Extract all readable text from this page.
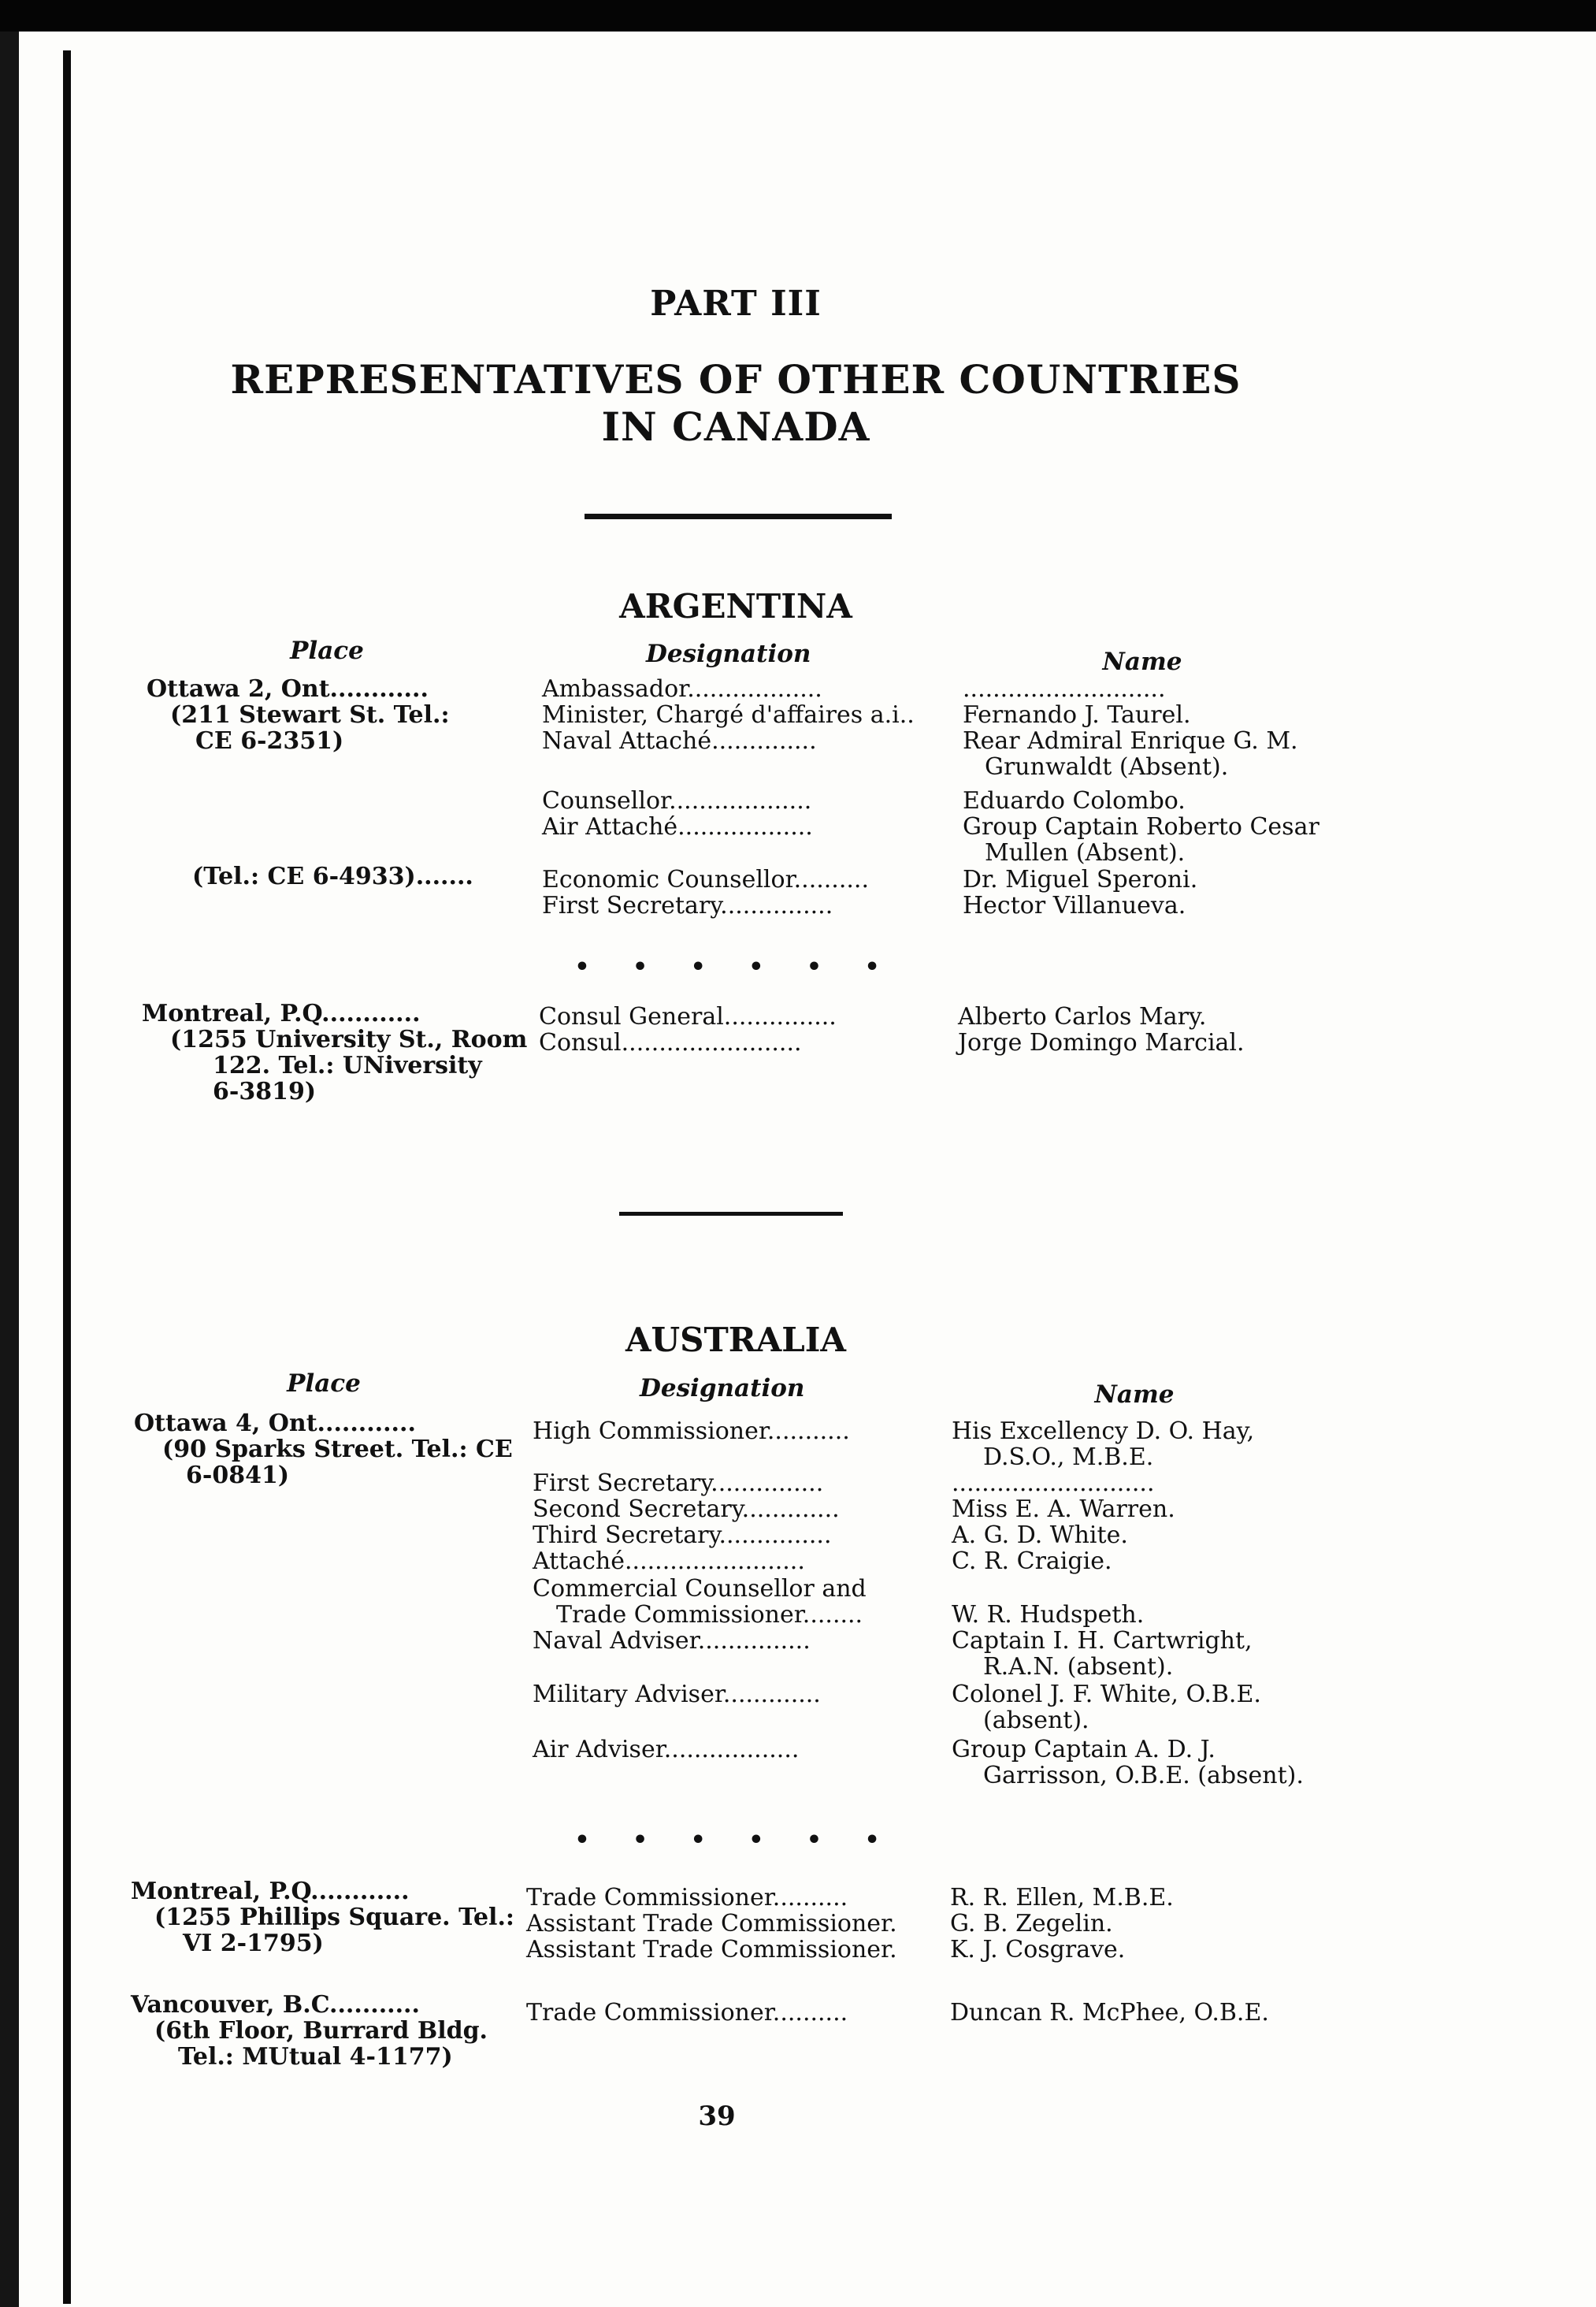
PART III
REPRESENTATIVES OF OTHER COUNTRIES
IN CANADA
ARGENTINA
Place	Designation	Name
Ottawa 2, Ont............
(211 Stewart St. Tel.:
CE 6-2351)
(Tel.: CE 6-4933).......
Ambassador..................	...........................
Minister, Chargé d'affaires a.i.. Fernando J. Taurel.
Naval Attaché..............	Rear Admiral Enrique G. M.
Grunwaldt (Absent).
Counsellor...................	Eduardo Colombo.
Air Attaché..................	Group Captain Roberto Cesar
Mullen (Absent).
Economic Counsellor..........	Dr. Miguel Speroni.
First Secretary...............	Hector Villanueva.
• • • • • •
Montreal, P.Q............
(1255 University St., Room
122. Tel.: UNiversity
6-3819)
Consul General...............	Alberto Carlos Mary.
Consul........................	Jorge Domingo Marcial.
AUSTRALIA
Place	Designation	Name
Ottawa 4, Ont............
(90 Sparks Street. Tel.: CE
6-0841)
High Commissioner...........	His Excellency D. O. Hay,
D.S.O., M.B.E.
First Secretary...............	...........................
Second Secretary.............	Miss E. A. Warren.
Third Secretary...............	A. G. D. White.
Attaché........................	C. R. Craigie.
Commercial Counsellor and
Trade Commissioner........	W. R. Hudspeth.
Naval Adviser...............	Captain I. H. Cartwright,
R.A.N. (absent).
Military Adviser.............	Colonel J. F. White, O.B.E.
(absent).
Air Adviser..................	Group Captain A. D. J.
Garrisson, O.B.E. (absent).
• • • • • •
Montreal, P.Q............
(1255 Phillips Square. Tel.:
VI 2-1795)
Trade Commissioner..........	R. R. Ellen, M.B.E.
Assistant Trade Commissioner. G. B. Zegelin.
Assistant Trade Commissioner. K. J. Cosgrave.
Vancouver, B.C...........
(6th Floor, Burrard Bldg.
Tel.: MUtual 4-1177)
Trade Commissioner..........	Duncan R. McPhee, O.B.E.
39
